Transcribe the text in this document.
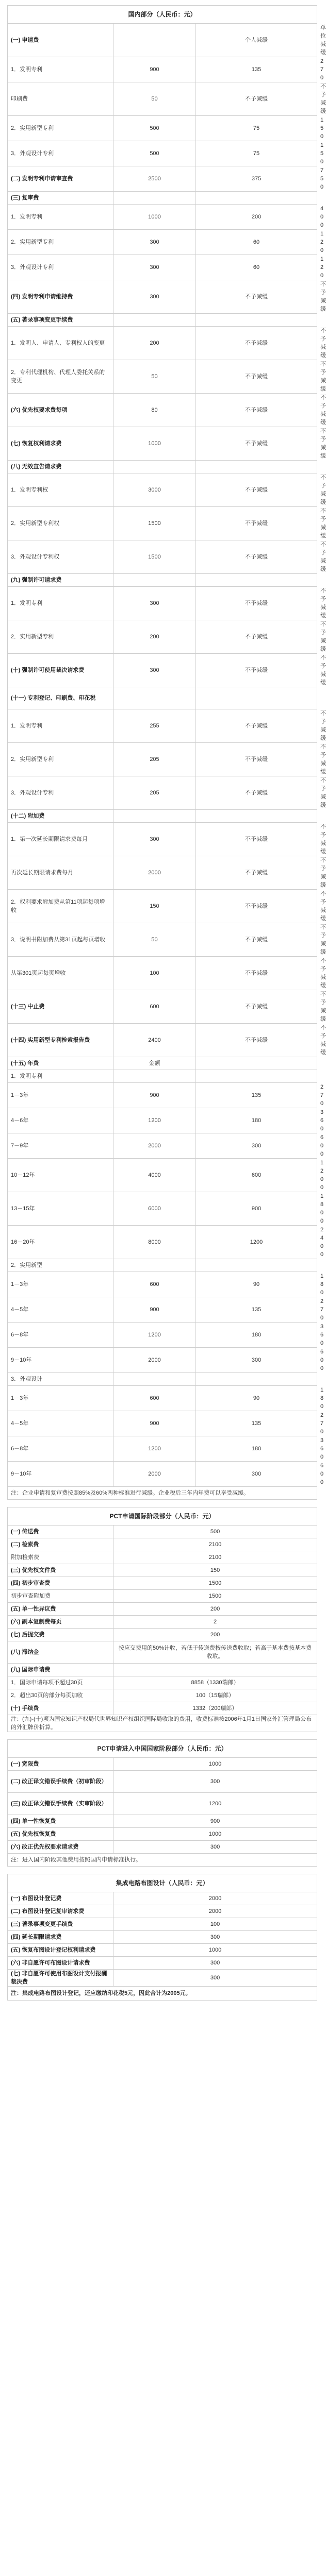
国内部分（人民币：元）			
(一) 申请费		个人减缓	单位减缓
1．发明专利	900	135	270
印刷费	50	不予减缓	不予减缓
2．实用新型专利	500	75	150
3．外观设计专利	500	75	150
(二) 发明专利申请审查费	2500	375	750
(三) 复审费			
1．发明专利	1000	200	400
2．实用新型专利	300	60	120
3．外观设计专利	300	60	120
(四) 发明专利申请维持费	300	不予减缓	不予减缓
(五) 著录事项变更手续费			
1．发明人、申请人、专利权人的变更	200	不予减缓	不予减缓
2．专利代理机构、代理人委托关系的变更	50	不予减缓	不予减缓
(六) 优先权要求费每项	80	不予减缓	不予减缓
(七) 恢复权利请求费	1000	不予减缓	不予减缓
(八) 无效宣告请求费			
1．发明专利权	3000	不予减缓	不予减缓
2．实用新型专利权	1500	不予减缓	不予减缓
3．外观设计专利权	1500	不予减缓	不予减缓
(九) 强制许可请求费			
1．发明专利	300	不予减缓	不予减缓
2．实用新型专利	200	不予减缓	不予减缓
(十) 强制许可使用裁决请求费	300	不予减缓	不予减缓
(十一) 专利登记、印刷费、印花税			
1．发明专利	255	不予减缓	不予减缓
2．实用新型专利	205	不予减缓	不予减缓
3．外观设计专利	205	不予减缓	不予减缓
(十二) 附加费			
1．第一次延长期限请求费每月	300	不予减缓	不予减缓
再次延长期限请求费每月	2000	不予减缓	不予减缓
2．权利要求附加费从第11项起每项增收	150	不予减缓	不予减缓
3．说明书附加费从第31页起每页增收	50	不予减缓	不予减缓
从第301页起每页增收	100	不予减缓	不予减缓
(十三) 中止费	600	不予减缓	不予减缓
(十四) 实用新型专利检索报告费	2400	不予减缓	不予减缓
(十五) 年费	金额		
1．发明专利			
1－3年	900	135	270
4－6年	1200	180	360
7－9年	2000	300	600
10－12年	4000	600	1200
13－15年	6000	900	1800
16－20年	8000	1200	2400
2．实用新型			
1－3年	600	90	180
4－5年	900	135	270
6－8年	1200	180	360
9－10年	2000	300	600
3．外观设计			
1－3年	600	90	180
4－5年	900	135	270
6－8年	1200	180	360
9－10年	2000	300	600
注：企业申请和复审费按照85%及60%两种标准进行减缓。企业税后三年内年费可以享受减缓。			
PCT申请国际阶段部分（人民币：元）	
(一) 传送费	500
(二) 检索费	2100
附加检索费	2100
(三) 优先权文件费	150
(四) 初步审查费	1500
初步审查附加费	1500
(五) 单一性异议费	200
(六) 副本复制费每页	2
(七) 后提交费	200
(八) 滞纳金	按应交费用的50%计收，若低于传送费按传送费收取；若高于基本费按基本费收取。
(九) 国际申请费	
1．国际申请每项不超过30页	8858（1330瑞郎）
2．超出30页的部分每页加收	100（15瑞郎）
(十) 手续费	1332（200瑞郎）
注：(九)-(十)项为国家知识产权局代世界知识产权组织国际局收取的费用，收费标准按2006年1月1日国家外汇管理局公布的外汇牌价折算。	
PCT申请进入中国国家阶段部分（人民币：元）	
(一) 宽限费	1000
(二) 改正译文错误手续费（初审阶段）	300
(三) 改正译文错误手续费（实审阶段）	1200
(四) 单一性恢复费	900
(五) 优先权恢复费	1000
(六) 改正优先权要求请求费	300
注：进入国内阶段其他费用按照国内申请标准执行。	
集成电路布图设计（人民币：元）	
(一) 布图设计登记费	2000
(二) 布图设计登记复审请求费	2000
(三) 著录事项变更手续费	100
(四) 延长期限请求费	300
(五) 恢复布图设计登记权利请求费	1000
(六) 非自愿许可布图设计请求费	300
(七) 非自愿许可使用布图设计支付报酬裁决费	300
注：集成电路布图设计登记，还应缴纳印花税5元，因此合计为2005元。	
